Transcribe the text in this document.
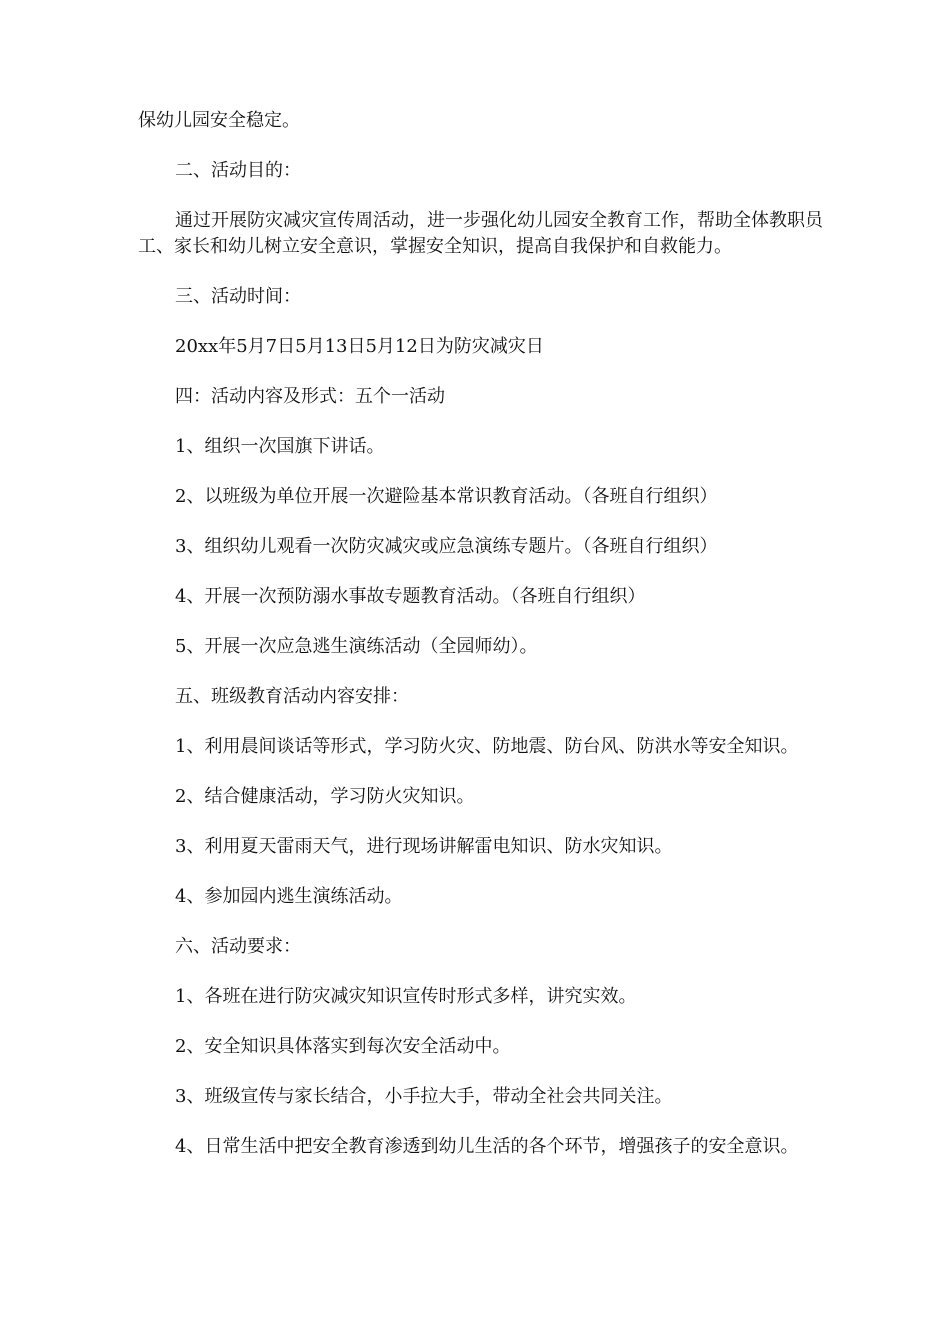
保幼儿园安全稳定。

二、活动目的：

通过开展防灾减灾宣传周活动，进一步强化幼儿园安全教育工作，帮助全体教职员工、家长和幼儿树立安全意识，掌握安全知识，提高自我保护和自救能力。

三、活动时间：

20xx年5月7日5月13日5月12日为防灾减灾日

四：活动内容及形式：五个一活动

1、组织一次国旗下讲话。

2、以班级为单位开展一次避险基本常识教育活动。（各班自行组织）

3、组织幼儿观看一次防灾减灾或应急演练专题片。（各班自行组织）

4、开展一次预防溺水事故专题教育活动。（各班自行组织）

5、开展一次应急逃生演练活动（全园师幼）。

五、班级教育活动内容安排：

1、利用晨间谈话等形式，学习防火灾、防地震、防台风、防洪水等安全知识。

2、结合健康活动，学习防火灾知识。

3、利用夏天雷雨天气，进行现场讲解雷电知识、防水灾知识。

4、参加园内逃生演练活动。

六、活动要求：

1、各班在进行防灾减灾知识宣传时形式多样，讲究实效。

2、安全知识具体落实到每次安全活动中。

3、班级宣传与家长结合，小手拉大手，带动全社会共同关注。

4、日常生活中把安全教育渗透到幼儿生活的各个环节，增强孩子的安全意识。
